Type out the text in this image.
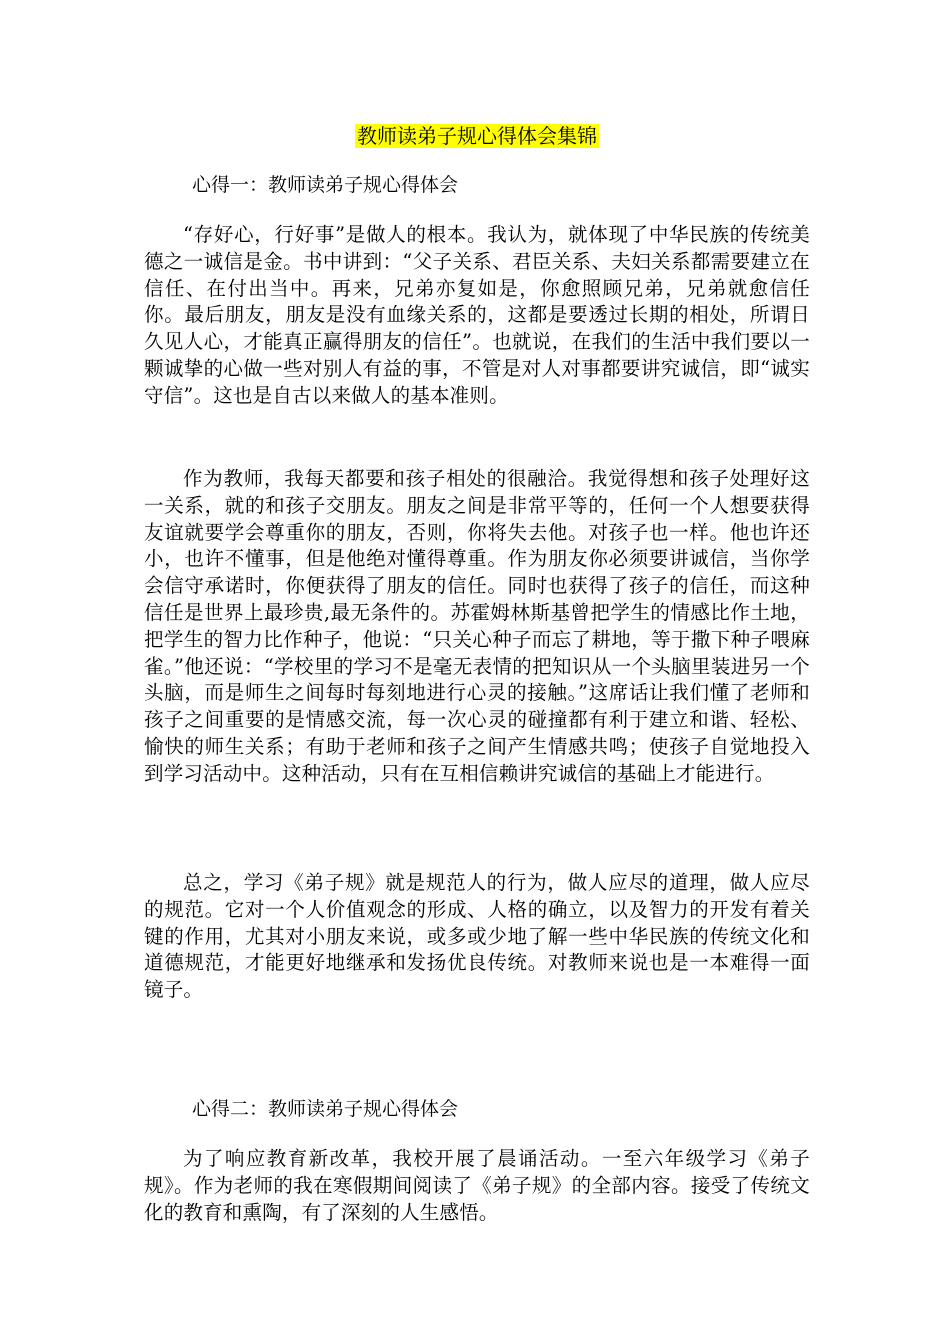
教师读弟子规心得体会集锦
心得一：教师读弟子规心得体会

“存好心，行好事”是做人的根本。我认为，就体现了中华民族的传统美德之一诚信是金。书中讲到：“父子关系、君臣关系、夫妇关系都需要建立在信任、在付出当中。再来，兄弟亦复如是，你愈照顾兄弟，兄弟就愈信任你。最后朋友，朋友是没有血缘关系的，这都是要透过长期的相处，所谓日久见人心，才能真正赢得朋友的信任”。也就说，在我们的生活中我们要以一颗诚挚的心做一些对别人有益的事，不管是对人对事都要讲究诚信，即“诚实守信”。这也是自古以来做人的基本准则。

作为教师，我每天都要和孩子相处的很融洽。我觉得想和孩子处理好这一关系，就的和孩子交朋友。朋友之间是非常平等的，任何一个人想要获得友谊就要学会尊重你的朋友，否则，你将失去他。对孩子也一样。他也许还小，也许不懂事，但是他绝对懂得尊重。作为朋友你必须要讲诚信，当你学会信守承诺时，你便获得了朋友的信任。同时也获得了孩子的信任，而这种信任是世界上最珍贵,最无条件的。苏霍姆林斯基曾把学生的情感比作土地，把学生的智力比作种子，他说：“只关心种子而忘了耕地，等于撒下种子喂麻雀。”他还说：“学校里的学习不是毫无表情的把知识从一个头脑里装进另一个头脑，而是师生之间每时每刻地进行心灵的接触。”这席话让我们懂了老师和孩子之间重要的是情感交流，每一次心灵的碰撞都有利于建立和谐、轻松、愉快的师生关系；有助于老师和孩子之间产生情感共鸣；使孩子自觉地投入到学习活动中。这种活动，只有在互相信赖讲究诚信的基础上才能进行。

总之，学习《弟子规》就是规范人的行为，做人应尽的道理，做人应尽的规范。它对一个人价值观念的形成、人格的确立，以及智力的开发有着关键的作用，尤其对小朋友来说，或多或少地了解一些中华民族的传统文化和道德规范，才能更好地继承和发扬优良传统。对教师来说也是一本难得一面镜子。

心得二：教师读弟子规心得体会

为了响应教育新改革，我校开展了晨诵活动。一至六年级学习《弟子规》。作为老师的我在寒假期间阅读了《弟子规》的全部内容。接受了传统文化的教育和熏陶，有了深刻的人生感悟。
